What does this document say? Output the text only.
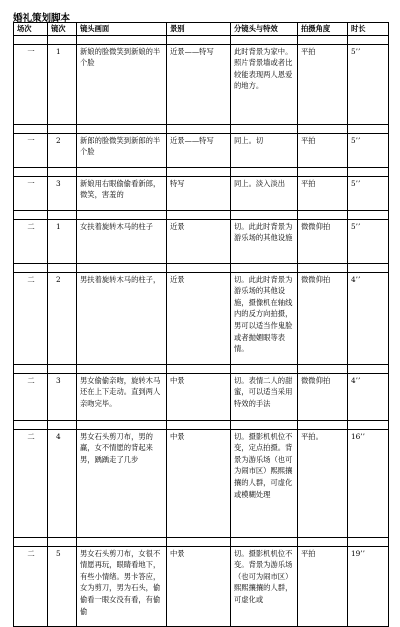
婚礼策划脚本
场次	镜次	镜头画面	景别	分镜头与特效	拍摄角度	时长

一	1	新娘的脸微笑到新娘的半个脸	近景——特写	此时背景为家中。照片背景墙或者比较能表现两人恩爱的地方。	平拍	5’’

一	2	新郎的脸微笑到新郎的半个脸	近景——特写	同上。切	平拍	5’’

一	3	新娘用右眼偷偷看新郎，微笑，害羞的	特写	同上。淡入淡出	平拍	5’’

二	1	女扶着旋转木马的柱子	近景	切。此此时背景为游乐场的其他设施	微微仰拍	5’’

二	2	男扶着旋转木马的柱子，	近景	切。此此时背景为游乐场的其他设施，摄像机在轴线内的反方向拍摄，男可以适当作鬼脸或者抛媚眼等表情。	微微仰拍	4’’

二	3	男女偷偷亲吻，旋转木马还在上下走动。直到两人亲吻完毕。	中景	切。表情二人的甜蜜，可以适当采用特效的手法	微微仰拍	4’’

二	4	男女石头剪刀布，男的赢，女不情愿的背起来男，踽踽走了几步	中景	切。摄影机机位不变，定点拍摄。背景为游乐场（也可为闹市区）熙熙攘攘的人群，可虚化或模糊处理	平拍。	16’’

二	5	男女石头剪刀布，女很不情愿再玩，眼睛看地下，有些小情绪。男卡答应，女为剪刀，男为石头，偷偷看一眼女没有看，有偷偷	中景	切。摄影机机位不变。背景为游乐场（也可为闹市区）熙熙攘攘的人群，可虚化或	平拍	19’’
